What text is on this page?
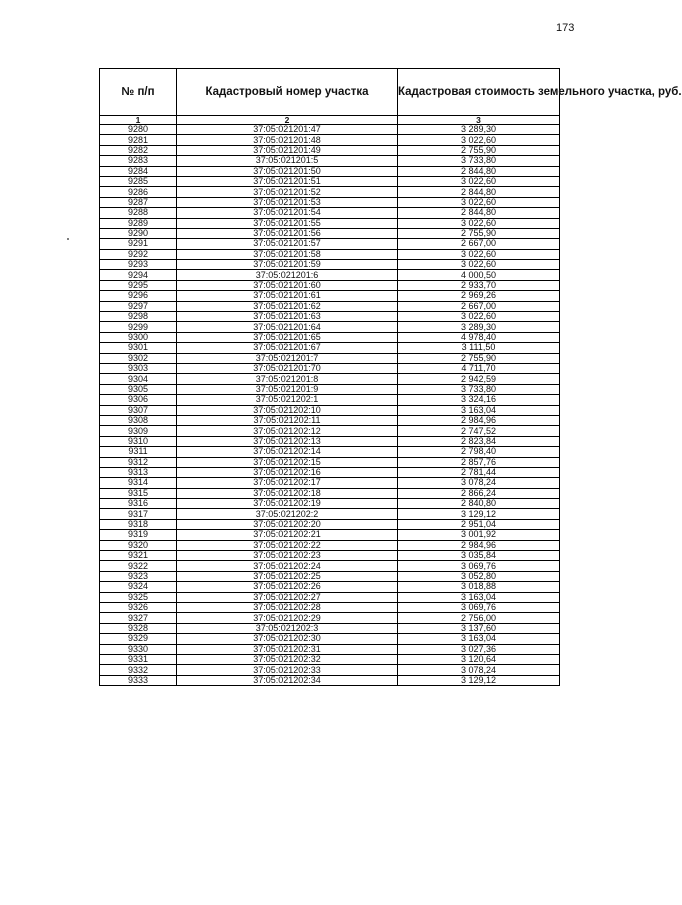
173
№ п/п	Кадастровый номер участка	Кадастровая стоимость земельного участка, руб.
1	2	3
9280	37:05:021201:47	3 289,30
9281	37:05:021201:48	3 022,60
9282	37:05:021201:49	2 755,90
9283	37:05:021201:5	3 733,80
9284	37:05:021201:50	2 844,80
9285	37:05:021201:51	3 022,60
9286	37:05:021201:52	2 844,80
9287	37:05:021201:53	3 022,60
9288	37:05:021201:54	2 844,80
9289	37:05:021201:55	3 022,60
9290	37:05:021201:56	2 755,90
9291	37:05:021201:57	2 667,00
9292	37:05:021201:58	3 022,60
9293	37:05:021201:59	3 022,60
9294	37:05:021201:6	4 000,50
9295	37:05:021201:60	2 933,70
9296	37:05:021201:61	2 969,26
9297	37:05:021201:62	2 667,00
9298	37:05:021201:63	3 022,60
9299	37:05:021201:64	3 289,30
9300	37:05:021201:65	4 978,40
9301	37:05:021201:67	3 111,50
9302	37:05:021201:7	2 755,90
9303	37:05:021201:70	4 711,70
9304	37:05:021201:8	2 942,59
9305	37:05:021201:9	3 733,80
9306	37:05:021202:1	3 324,16
9307	37:05:021202:10	3 163,04
9308	37:05:021202:11	2 984,96
9309	37:05:021202:12	2 747,52
9310	37:05:021202:13	2 823,84
9311	37:05:021202:14	2 798,40
9312	37:05:021202:15	2 857,76
9313	37:05:021202:16	2 781,44
9314	37:05:021202:17	3 078,24
9315	37:05:021202:18	2 866,24
9316	37:05:021202:19	2 840,80
9317	37:05:021202:2	3 129,12
9318	37:05:021202:20	2 951,04
9319	37:05:021202:21	3 001,92
9320	37:05:021202:22	2 984,96
9321	37:05:021202:23	3 035,84
9322	37:05:021202:24	3 069,76
9323	37:05:021202:25	3 052,80
9324	37:05:021202:26	3 018,88
9325	37:05:021202:27	3 163,04
9326	37:05:021202:28	3 069,76
9327	37:05:021202:29	2 756,00
9328	37:05:021202:3	3 137,60
9329	37:05:021202:30	3 163,04
9330	37:05:021202:31	3 027,36
9331	37:05:021202:32	3 120,64
9332	37:05:021202:33	3 078,24
9333	37:05:021202:34	3 129,12
